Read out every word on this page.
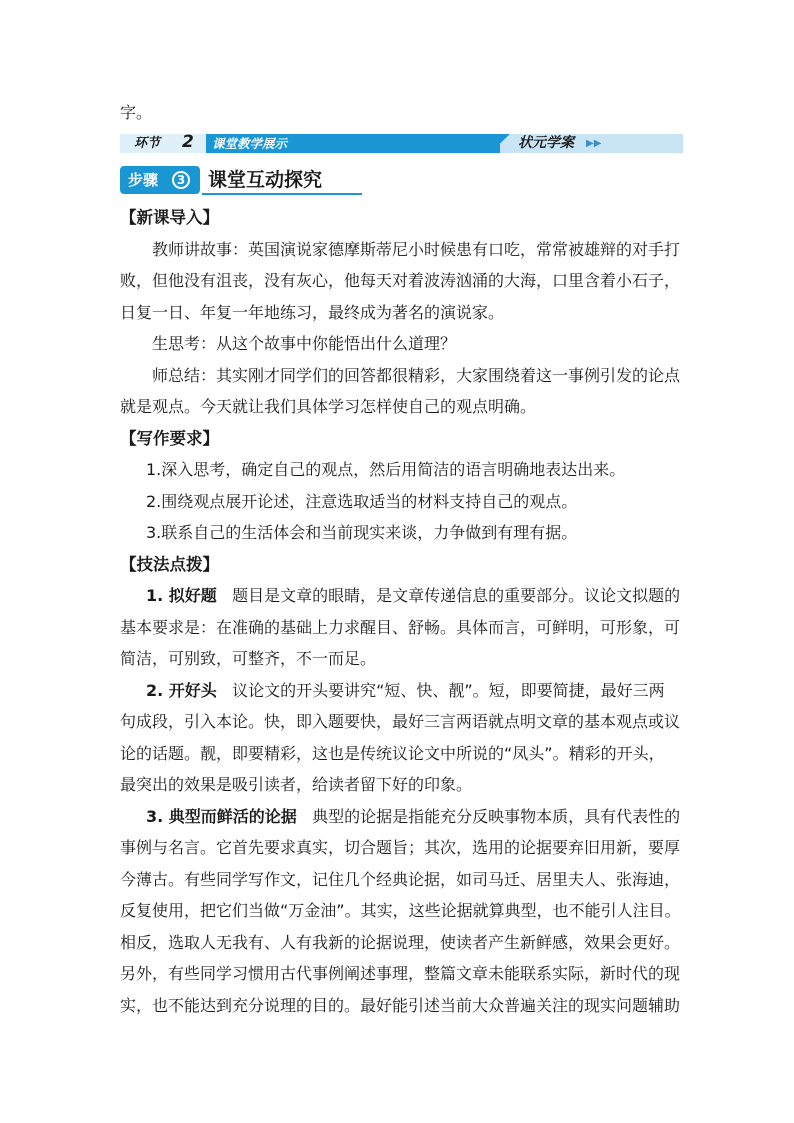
字。

环节 2 课堂教学展示	状元学案 ▶▶
步骤	3 课堂互动探究

【新课导入】

教师讲故事：英国演说家德摩斯蒂尼小时候患有口吃，常常被雄辩的对手打

败，但他没有沮丧，没有灰心，他每天对着波涛汹涌的大海，口里含着小石子，

日复一日、年复一年地练习，最终成为著名的演说家。

生思考：从这个故事中你能悟出什么道理？

师总结：其实刚才同学们的回答都很精彩，大家围绕着这一事例引发的论点

就是观点。今天就让我们具体学习怎样使自己的观点明确。

【写作要求】

1.深入思考，确定自己的观点，然后用简洁的语言明确地表达出来。

2.围绕观点展开论述，注意选取适当的材料支持自己的观点。

3.联系自己的生活体会和当前现实来谈，力争做到有理有据。

【技法点拨】

1. 拟好题 题目是文章的眼睛，是文章传递信息的重要部分。议论文拟题的

基本要求是：在准确的基础上力求醒目、舒畅。具体而言，可鲜明，可形象，可

简洁，可别致，可整齐，不一而足。

2. 开好头 议论文的开头要讲究“短、快、靓”。短，即要简捷，最好三两

句成段，引入本论。快，即入题要快，最好三言两语就点明文章的基本观点或议

论的话题。靓，即要精彩，这也是传统议论文中所说的“凤头”。精彩的开头，

最突出的效果是吸引读者，给读者留下好的印象。

3. 典型而鲜活的论据 典型的论据是指能充分反映事物本质，具有代表性的

事例与名言。它首先要求真实，切合题旨；其次，选用的论据要弃旧用新，要厚

今薄古。有些同学写作文，记住几个经典论据，如司马迁、居里夫人、张海迪，

反复使用，把它们当做“万金油”。其实，这些论据就算典型，也不能引人注目。

相反，选取人无我有、人有我新的论据说理，使读者产生新鲜感，效果会更好。

另外，有些同学习惯用古代事例阐述事理，整篇文章未能联系实际，新时代的现

实，也不能达到充分说理的目的。最好能引述当前大众普遍关注的现实问题辅助
